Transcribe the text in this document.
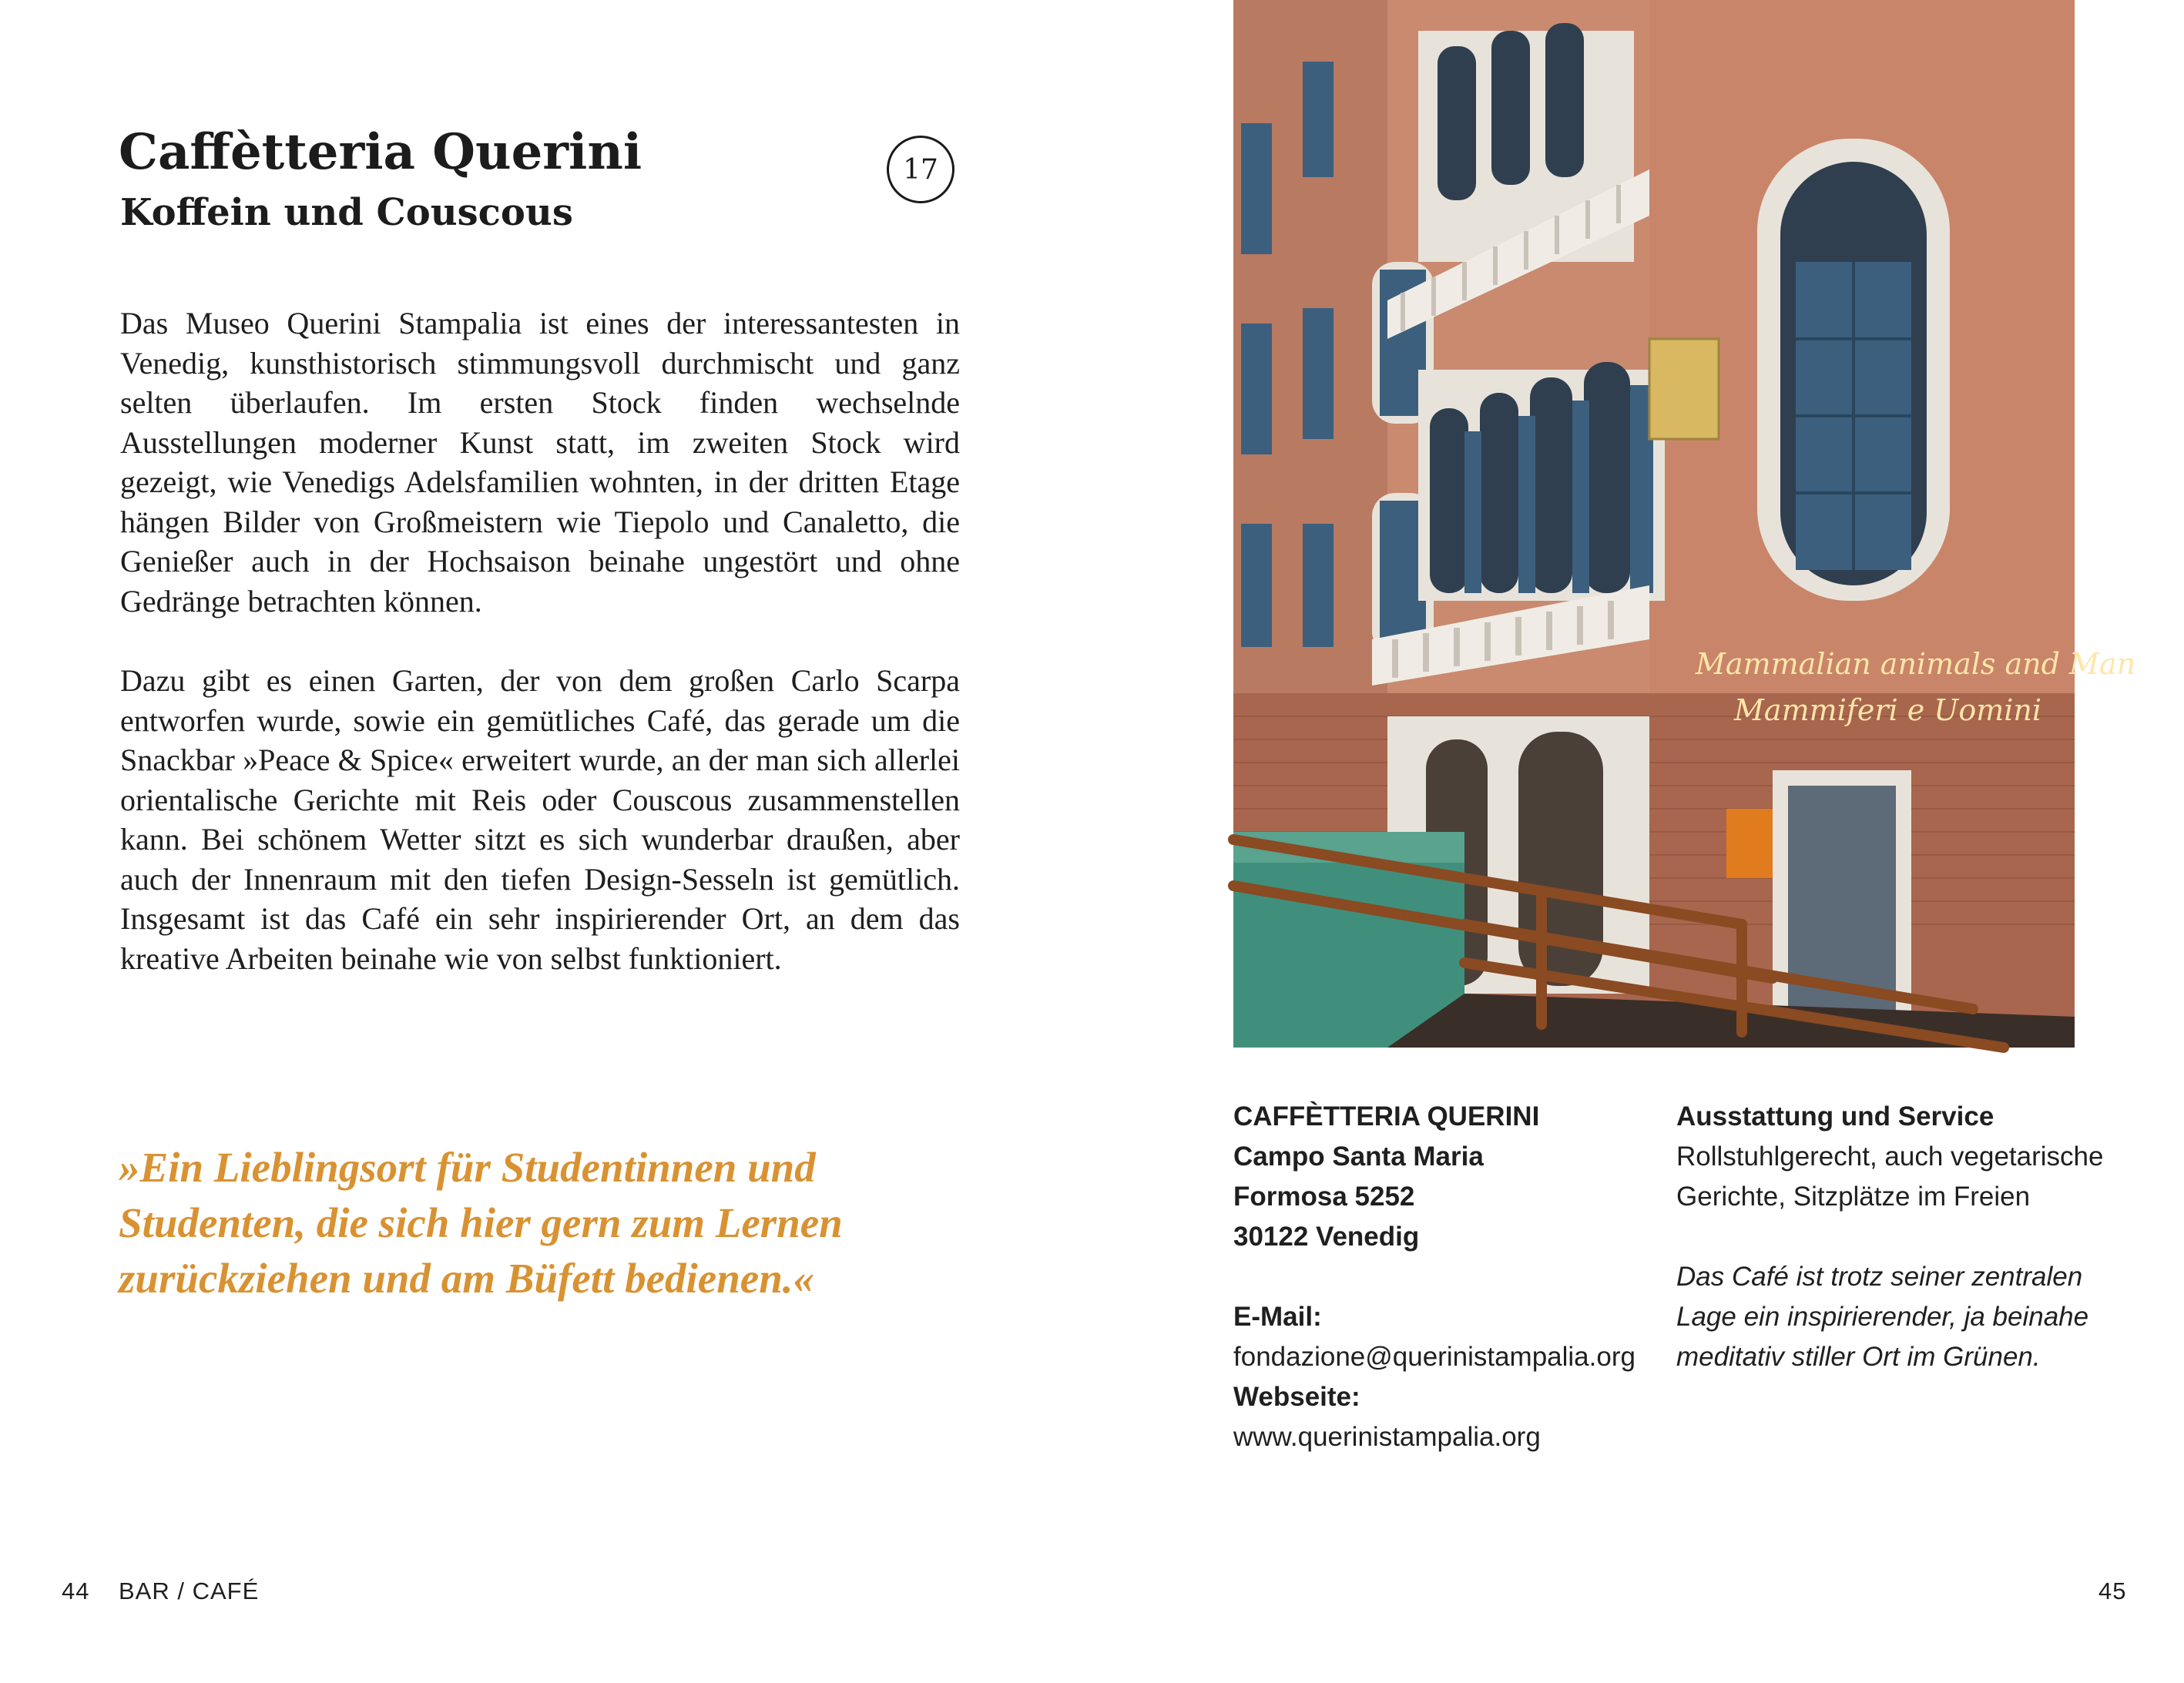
Caffètteria Querini
Koffein und Couscous
17

Das Museo Querini Stampalia ist eines der interessantesten in Venedig, kunsthistorisch stimmungsvoll durchmischt und ganz selten überlaufen. Im ersten Stock finden wechselnde Ausstellungen moderner Kunst statt, im zweiten Stock wird gezeigt, wie Venedigs Adelsfamilien wohnten, in der dritten Etage hängen Bilder von Großmeistern wie Tiepolo und Canaletto, die Genießer auch in der Hochsaison beinahe ungestört und ohne Gedränge betrachten können.

Dazu gibt es einen Garten, der von dem großen Carlo Scarpa entworfen wurde, sowie ein gemütliches Café, das gerade um die Snackbar »Peace & Spice« erweitert wurde, an der man sich allerlei orientalische Gerichte mit Reis oder Couscous zusammenstellen kann. Bei schönem Wetter sitzt es sich wunderbar draußen, aber auch der Innenraum mit den tiefen Design-Sesseln ist gemütlich. Insgesamt ist das Café ein sehr inspirierender Ort, an dem das kreative Arbeiten beinahe wie von selbst funktioniert.

»Ein Lieblingsort für Studentinnen und Studenten, die sich hier gern zum Lernen zurückziehen und am Büfett bedienen.«

Mammalian animals and Man
Mammiferi e Uomini
CAFFÈTTERIA QUERINI
Campo Santa Maria
Formosa 5252
30122 Venedig
E-Mail:
fondazione@querinistampalia.org
Webseite:
www.querinistampalia.org
Ausstattung und Service
Rollstuhlgerecht, auch vegetarische Gerichte, Sitzplätze im Freien
Das Café ist trotz seiner zentralen Lage ein inspirierender, ja beinahe meditativ stiller Ort im Grünen.
44 BAR / CAFÉ	45
